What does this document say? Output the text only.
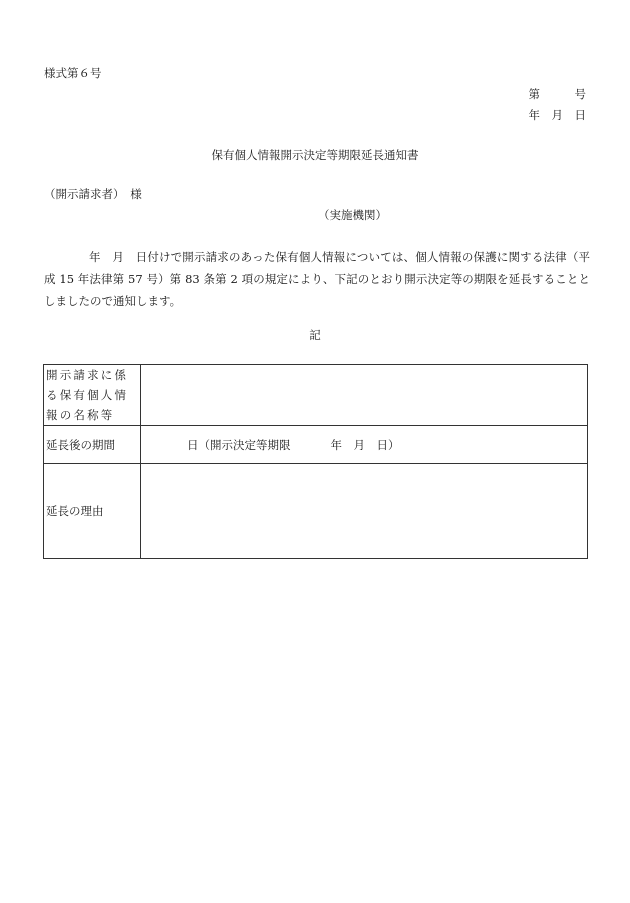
様式第６号
第　　　号
年　月　日
保有個人情報開示決定等期限延長通知書
（開示請求者）　様
（実施機関）
年　月　日付けで開示請求のあった保有個人情報については、個人情報の保護に関する法律（平成 15 年法律第 57 号）第 83 条第 2 項の規定により、下記のとおり開示決定等の期限を延長することとしましたので通知します。
記
開示請求に係る保有個人情報の名称等	

延長後の期間	日（開示決定等期限 年　月　日）
延長の理由	
